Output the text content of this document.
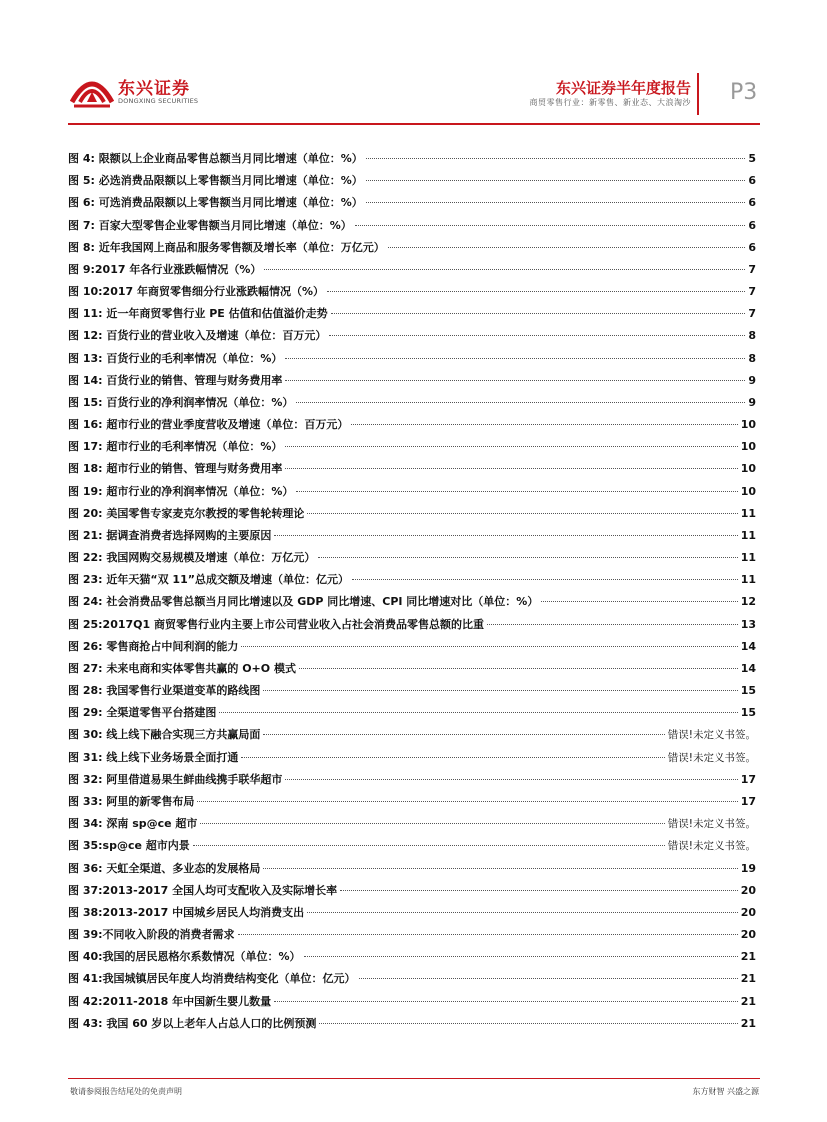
东兴证券
DONGXING SECURITIES
东兴证券半年度报告
商贸零售行业：新零售、新业态、大浪淘沙 P3
图 4: 限额以上企业商品零售总额当月同比增速（单位：%）	5
图 5: 必选消费品限额以上零售额当月同比增速（单位：%）	6
图 6: 可选消费品限额以上零售额当月同比增速（单位：%）	6
图 7: 百家大型零售企业零售额当月同比增速（单位：%）	6
图 8: 近年我国网上商品和服务零售额及增长率（单位：万亿元）	6
图 9:2017 年各行业涨跌幅情况（%）	7
图 10:2017 年商贸零售细分行业涨跌幅情况（%）	7
图 11: 近一年商贸零售行业 PE 估值和估值溢价走势	7
图 12: 百货行业的营业收入及增速（单位：百万元）	8
图 13: 百货行业的毛利率情况（单位：%）	8
图 14: 百货行业的销售、管理与财务费用率	9
图 15: 百货行业的净利润率情况（单位：%）	9
图 16: 超市行业的营业季度营收及增速（单位：百万元）	10
图 17: 超市行业的毛利率情况（单位：%）	10
图 18: 超市行业的销售、管理与财务费用率	10
图 19: 超市行业的净利润率情况（单位：%）	10
图 20: 美国零售专家麦克尔教授的零售轮转理论	11
图 21: 据调查消费者选择网购的主要原因	11
图 22: 我国网购交易规模及增速（单位：万亿元）	11
图 23: 近年天猫“双 11”总成交额及增速（单位：亿元）	11
图 24: 社会消费品零售总额当月同比增速以及 GDP 同比增速、CPI 同比增速对比（单位：%）	12
图 25:2017Q1 商贸零售行业内主要上市公司营业收入占社会消费品零售总额的比重	13
图 26: 零售商抢占中间利润的能力	14
图 27: 未来电商和实体零售共赢的 O+O 模式	14
图 28: 我国零售行业渠道变革的路线图	15
图 29: 全渠道零售平台搭建图	15
图 30: 线上线下融合实现三方共赢局面	错误!未定义书签。
图 31: 线上线下业务场景全面打通	错误!未定义书签。
图 32: 阿里借道易果生鲜曲线携手联华超市	17
图 33: 阿里的新零售布局	17
图 34: 深南 sp@ce 超市	错误!未定义书签。
图 35:sp@ce 超市内景	错误!未定义书签。
图 36: 天虹全渠道、多业态的发展格局	19
图 37:2013-2017 全国人均可支配收入及实际增长率	20
图 38:2013-2017 中国城乡居民人均消费支出	20
图 39:不同收入阶段的消费者需求	20
图 40:我国的居民恩格尔系数情况（单位：%）	21
图 41:我国城镇居民年度人均消费结构变化（单位：亿元）	21
图 42:2011-2018 年中国新生婴儿数量	21
图 43: 我国 60 岁以上老年人占总人口的比例预测	21
敬请参阅报告结尾处的免责声明	东方财智 兴盛之源
